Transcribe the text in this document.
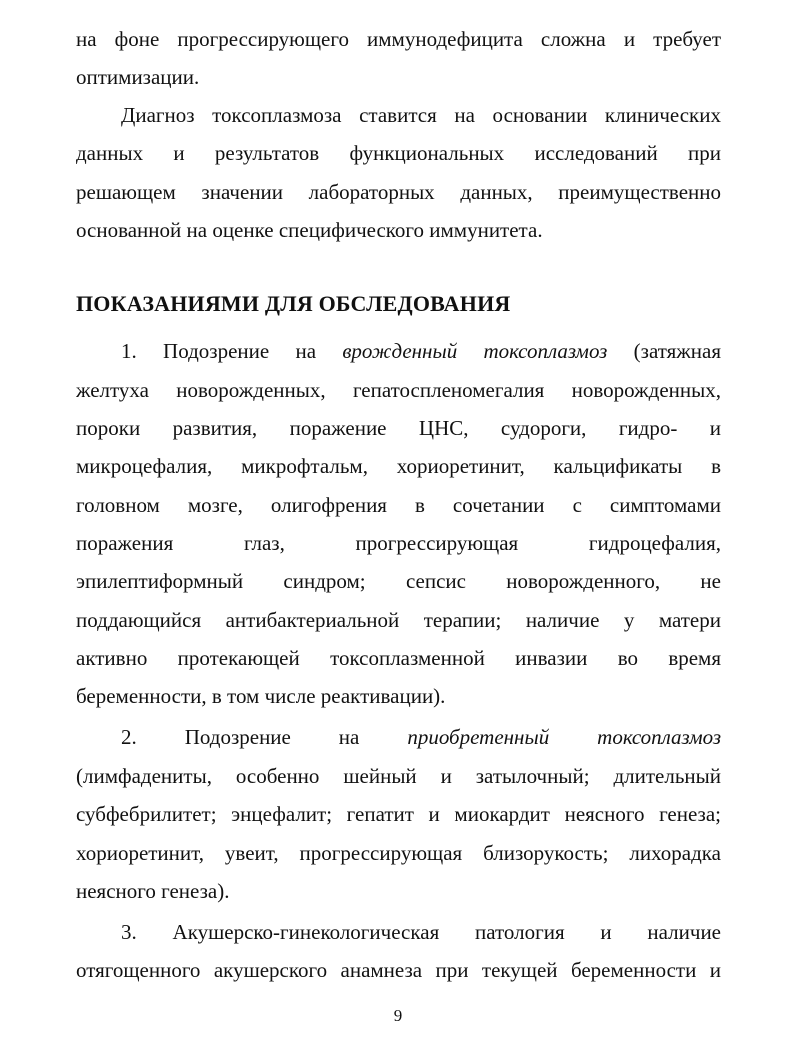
на фоне прогрессирующего иммунодефицита сложна и требует
оптимизации.
Диагноз токсоплазмоза ставится на основании клинических
данных и результатов функциональных исследований при
решающем значении лабораторных данных, преимущественно
основанной на оценке специфического иммунитета.
ПОКАЗАНИЯМИ ДЛЯ ОБСЛЕДОВАНИЯ
1. Подозрение на врожденный токсоплазмоз (затяжная
желтуха новорожденных, гепатоспленомегалия новорожденных,
пороки развития, поражение ЦНС, судороги, гидро- и
микроцефалия, микрофтальм, хориоретинит, кальцификаты в
головном мозге, олигофрения в сочетании с симптомами
поражения глаз, прогрессирующая гидроцефалия,
эпилептиформный синдром; сепсис новорожденного, не
поддающийся антибактериальной терапии; наличие у матери
активно протекающей токсоплазменной инвазии во время
беременности, в том числе реактивации).
2. Подозрение на приобретенный токсоплазмоз
(лимфадениты, особенно шейный и затылочный; длительный
субфебрилитет; энцефалит; гепатит и миокардит неясного генеза;
хориоретинит, увеит, прогрессирующая близорукость; лихорадка
неясного генеза).
3. Акушерско-гинекологическая патология и наличие
отягощенного акушерского анамнеза при текущей беременности и
9
